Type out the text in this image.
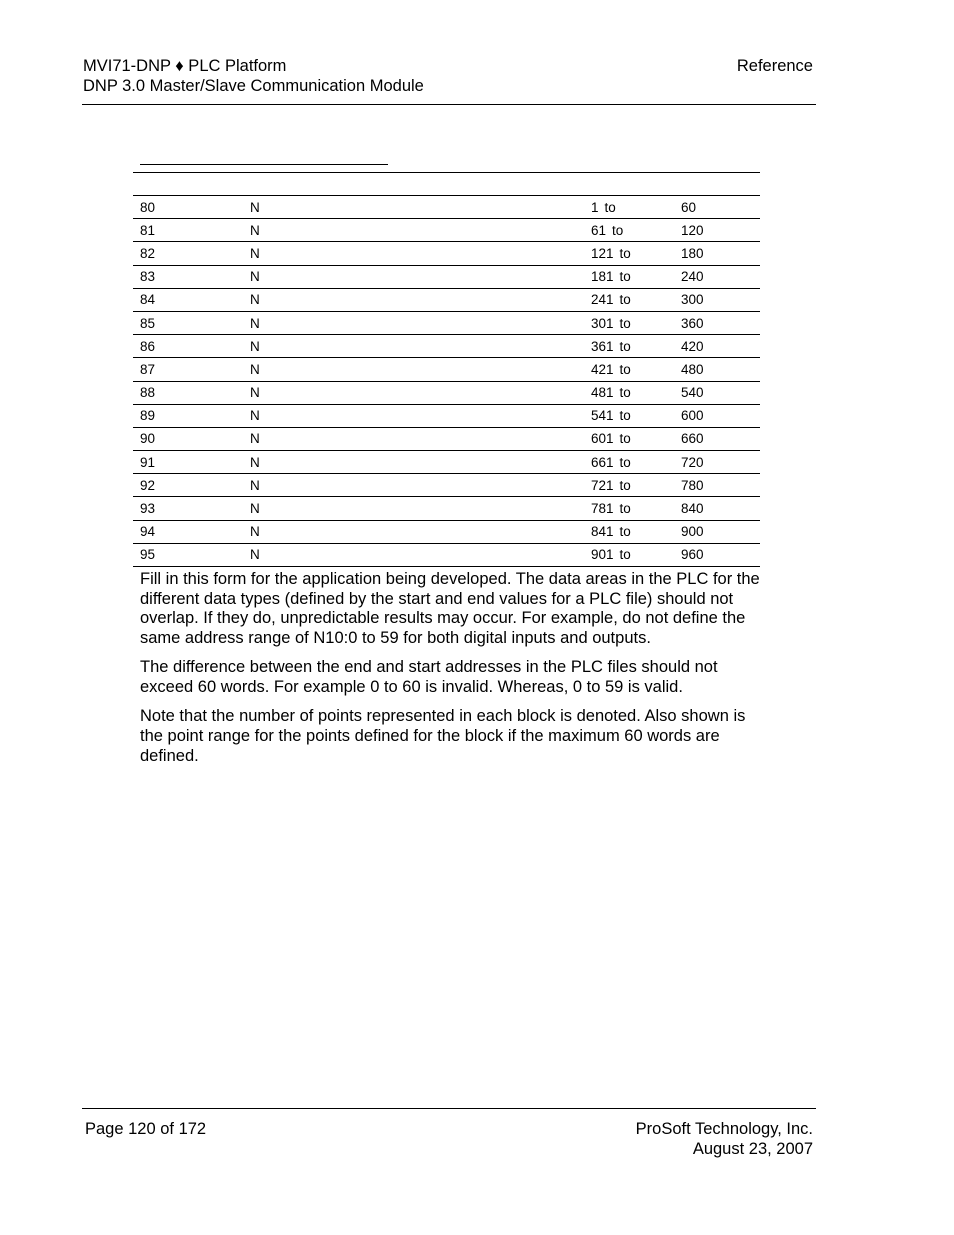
MVI71-DNP ♦ PLC Platform
DNP 3.0 Master/Slave Communication Module
Reference
80	N	1 to	60
81	N	61 to	120
82	N	121 to	180
83	N	181 to	240
84	N	241 to	300
85	N	301 to	360
86	N	361 to	420
87	N	421 to	480
88	N	481 to	540
89	N	541 to	600
90	N	601 to	660
91	N	661 to	720
92	N	721 to	780
93	N	781 to	840
94	N	841 to	900
95	N	901 to	960

Fill in this form for the application being developed. The data areas in the PLC for the different data types (defined by the start and end values for a PLC file) should not overlap. If they do, unpredictable results may occur. For example, do not define the same address range of N10:0 to 59 for both digital inputs and outputs.

The difference between the end and start addresses in the PLC files should not exceed 60 words. For example 0 to 60 is invalid. Whereas, 0 to 59 is valid.

Note that the number of points represented in each block is denoted. Also shown is the point range for the points defined for the block if the maximum 60 words are defined.

Page 120 of 172	ProSoft Technology, Inc.
August 23, 2007
